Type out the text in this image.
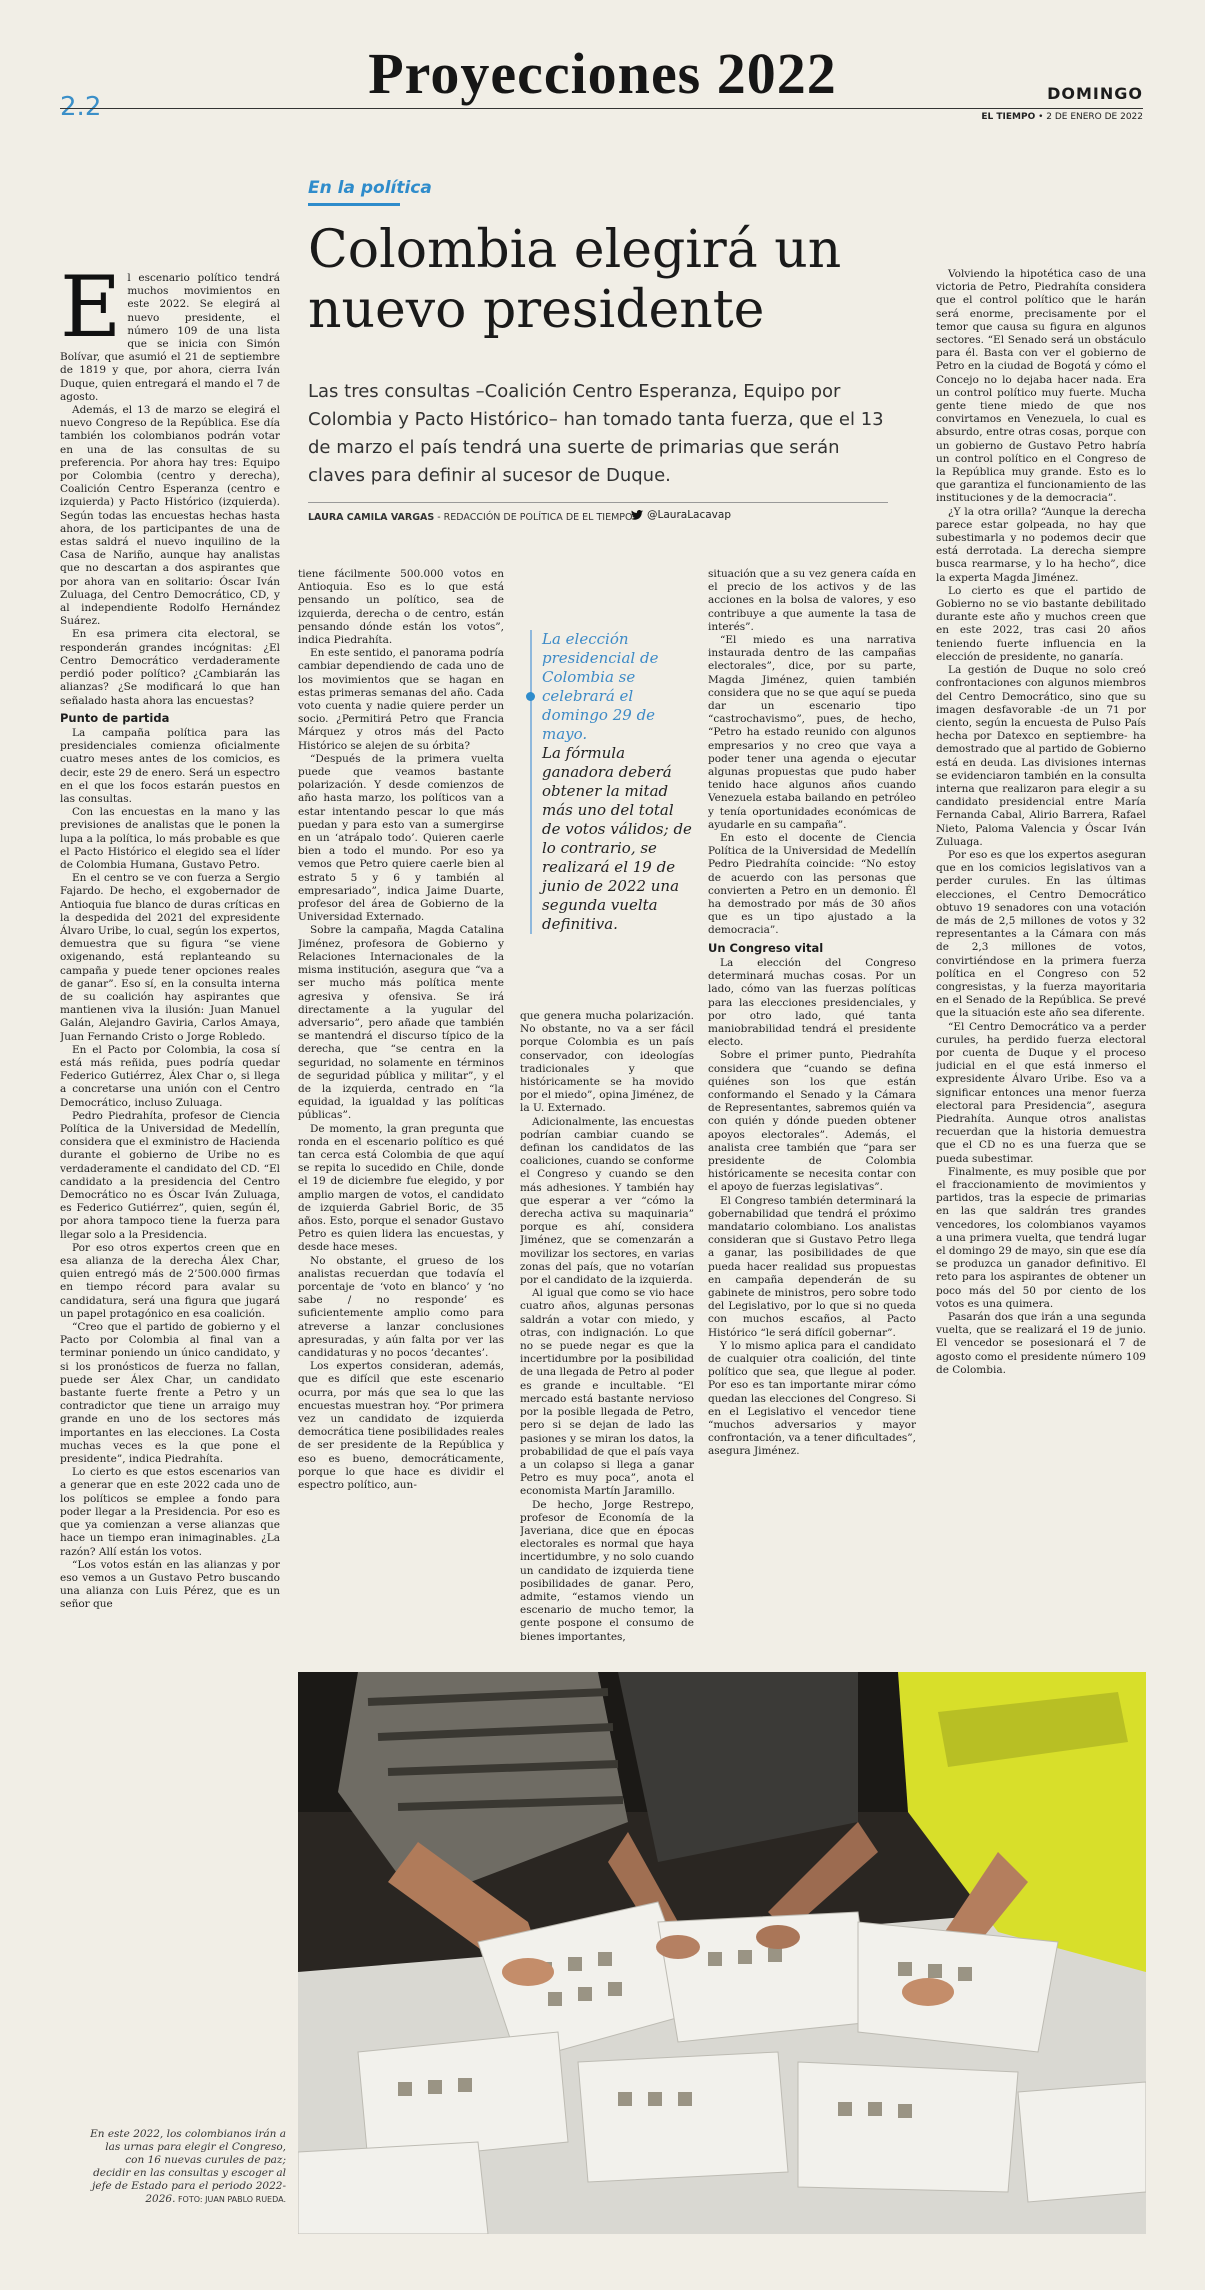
Proyecciones 2022
2.2	DOMINGO
EL TIEMPO • 2 DE ENERO DE 2022
En la política
Colombia elegirá un nuevo presidente
Las tres consultas –Coalición Centro Esperanza, Equipo por Colombia y Pacto Histórico– han tomado tanta fuerza, que el 13 de marzo el país tendrá una suerte de primarias que serán claves para definir al sucesor de Duque.
LAURA CAMILA VARGAS - REDACCIÓN DE POLÍTICA DE EL TIEMPO	@LauraLacavap
E l escenario político tendrá muchos movimientos en este 2022. Se elegirá al nuevo presidente, el número 109 de una lista que se inicia con Simón Bolívar, que asumió el 21 de septiembre de 1819 y que, por ahora, cierra Iván Duque, quien entregará el mando el 7 de agosto.

Además, el 13 de marzo se elegirá el nuevo Congreso de la República. Ese día también los colombianos podrán votar en una de las consultas de su preferencia. Por ahora hay tres: Equipo por Colombia (centro y derecha), Coalición Centro Esperanza (centro e izquierda) y Pacto Histórico (izquierda). Según todas las encuestas hechas hasta ahora, de los participantes de una de estas saldrá el nuevo inquilino de la Casa de Nariño, aunque hay analistas que no descartan a dos aspirantes que por ahora van en solitario: Óscar Iván Zuluaga, del Centro Democrático, CD, y al independiente Rodolfo Hernández Suárez.

En esa primera cita electoral, se responderán grandes incógnitas: ¿El Centro Democrático verdaderamente perdió poder político? ¿Cambiarán las alianzas? ¿Se modificará lo que han señalado hasta ahora las encuestas?

Punto de partida

La campaña política para las presidenciales comienza oficialmente cuatro meses antes de los comicios, es decir, este 29 de enero. Será un espectro en el que los focos estarán puestos en las consultas.

Con las encuestas en la mano y las previsiones de analistas que le ponen la lupa a la política, lo más probable es que el Pacto Histórico el elegido sea el líder de Colombia Humana, Gustavo Petro.

En el centro se ve con fuerza a Sergio Fajardo. De hecho, el exgobernador de Antioquia fue blanco de duras críticas en la despedida del 2021 del expresidente Álvaro Uribe, lo cual, según los expertos, demuestra que su figura “se viene oxigenando, está replanteando su campaña y puede tener opciones reales de ganar”. Eso sí, en la consulta interna de su coalición hay aspirantes que mantienen viva la ilusión: Juan Manuel Galán, Alejandro Gaviria, Carlos Amaya, Juan Fernando Cristo o Jorge Robledo.

En el Pacto por Colombia, la cosa sí está más reñida, pues podría quedar Federico Gutiérrez, Álex Char o, si llega a concretarse una unión con el Centro Democrático, incluso Zuluaga.

Pedro Piedrahíta, profesor de Ciencia Política de la Universidad de Medellín, considera que el exministro de Hacienda durante el gobierno de Uribe no es verdaderamente el candidato del CD. “El candidato a la presidencia del Centro Democrático no es Óscar Iván Zuluaga, es Federico Gutiérrez”, quien, según él, por ahora tampoco tiene la fuerza para llegar solo a la Presidencia.

Por eso otros expertos creen que en esa alianza de la derecha Álex Char, quien entregó más de 2’500.000 firmas en tiempo récord para avalar su candidatura, será una figura que jugará un papel protagónico en esa coalición.

“Creo que el partido de gobierno y el Pacto por Colombia al final van a terminar poniendo un único candidato, y si los pronósticos de fuerza no fallan, puede ser Álex Char, un candidato bastante fuerte frente a Petro y un contradictor que tiene un arraigo muy grande en uno de los sectores más importantes en las elecciones. La Costa muchas veces es la que pone el presidente”, indica Piedrahíta.

Lo cierto es que estos escenarios van a generar que en este 2022 cada uno de los políticos se emplee a fondo para poder llegar a la Presidencia. Por eso es que ya comienzan a verse alianzas que hace un tiempo eran inimaginables. ¿La razón? Allí están los votos.

“Los votos están en las alianzas y por eso vemos a un Gustavo Petro buscando una alianza con Luis Pérez, que es un señor que

tiene fácilmente 500.000 votos en Antioquia. Eso es lo que está pensando un político, sea de izquierda, derecha o de centro, están pensando dónde están los votos”, indica Piedrahíta.

En este sentido, el panorama podría cambiar dependiendo de cada uno de los movimientos que se hagan en estas primeras semanas del año. Cada voto cuenta y nadie quiere perder un socio. ¿Permitirá Petro que Francia Márquez y otros más del Pacto Histórico se alejen de su órbita?

“Después de la primera vuelta puede que veamos bastante polarización. Y desde comienzos de año hasta marzo, los políticos van a estar intentando pescar lo que más puedan y para esto van a sumergirse en un ‘atrápalo todo’. Quieren caerle bien a todo el mundo. Por eso ya vemos que Petro quiere caerle bien al estrato 5 y 6 y también al empresariado”, indica Jaime Duarte, profesor del área de Gobierno de la Universidad Externado.

Sobre la campaña, Magda Catalina Jiménez, profesora de Gobierno y Relaciones Internacionales de la misma institución, asegura que “va a ser mucho más política mente agresiva y ofensiva. Se irá directamente a la yugular del adversario”, pero añade que también se mantendrá el discurso típico de la derecha, que “se centra en la seguridad, no solamente en términos de seguridad pública y militar”, y el de la izquierda, centrado en “la equidad, la igualdad y las políticas públicas”.

De momento, la gran pregunta que ronda en el escenario político es qué tan cerca está Colombia de que aquí se repita lo sucedido en Chile, donde el 19 de diciembre fue elegido, y por amplio margen de votos, el candidato de izquierda Gabriel Boric, de 35 años. Esto, porque el senador Gustavo Petro es quien lidera las encuestas, y desde hace meses.

No obstante, el grueso de los analistas recuerdan que todavía el porcentaje de ‘voto en blanco’ y ‘no sabe / no responde’ es suficientemente amplio como para atreverse a lanzar conclusiones apresuradas, y aún falta por ver las candidaturas y no pocos ‘decantes’.

Los expertos consideran, además, que es difícil que este escenario ocurra, por más que sea lo que las encuestas muestran hoy. “Por primera vez un candidato de izquierda democrática tiene posibilidades reales de ser presidente de la República y eso es bueno, democráticamente, porque lo que hace es dividir el espectro político, aun-

La elección presidencial de Colombia se celebrará el domingo 29 de mayo.
La fórmula ganadora deberá obtener la mitad más uno del total de votos válidos; de lo contrario, se realizará el 19 de junio de 2022 una segunda vuelta definitiva.

que genera mucha polarización. No obstante, no va a ser fácil porque Colombia es un país conservador, con ideologías tradicionales y que históricamente se ha movido por el miedo”, opina Jiménez, de la U. Externado.

Adicionalmente, las encuestas podrían cambiar cuando se definan los candidatos de las coaliciones, cuando se conforme el Congreso y cuando se den más adhesiones. Y también hay que esperar a ver “cómo la derecha activa su maquinaria” porque es ahí, considera Jiménez, que se comenzarán a movilizar los sectores, en varias zonas del país, que no votarían por el candidato de la izquierda.

Al igual que como se vio hace cuatro años, algunas personas saldrán a votar con miedo, y otras, con indignación. Lo que no se puede negar es que la incertidumbre por la posibilidad de una llegada de Petro al poder es grande e incultable. “El mercado está bastante nervioso por la posible llegada de Petro, pero si se dejan de lado las pasiones y se miran los datos, la probabilidad de que el país vaya a un colapso si llega a ganar Petro es muy poca”, anota el economista Martín Jaramillo.

De hecho, Jorge Restrepo, profesor de Economía de la Javeriana, dice que en épocas electorales es normal que haya incertidumbre, y no solo cuando un candidato de izquierda tiene posibilidades de ganar. Pero, admite, “estamos viendo un escenario de mucho temor, la gente pospone el consumo de bienes importantes,

situación que a su vez genera caída en el precio de los activos y de las acciones en la bolsa de valores, y eso contribuye a que aumente la tasa de interés”.

“El miedo es una narrativa instaurada dentro de las campañas electorales”, dice, por su parte, Magda Jiménez, quien también considera que no se que aquí se pueda dar un escenario tipo “castrochavismo”, pues, de hecho, “Petro ha estado reunido con algunos empresarios y no creo que vaya a poder tener una agenda o ejecutar algunas propuestas que pudo haber tenido hace algunos años cuando Venezuela estaba bailando en petróleo y tenía oportunidades económicas de ayudarle en su campaña”.

En esto el docente de Ciencia Política de la Universidad de Medellín Pedro Piedrahíta coincide: “No estoy de acuerdo con las personas que convierten a Petro en un demonio. Él ha demostrado por más de 30 años que es un tipo ajustado a la democracia”.

Un Congreso vital

La elección del Congreso determinará muchas cosas. Por un lado, cómo van las fuerzas políticas para las elecciones presidenciales, y por otro lado, qué tanta maniobrabilidad tendrá el presidente electo.

Sobre el primer punto, Piedrahíta considera que “cuando se defina quiénes son los que están conformando el Senado y la Cámara de Representantes, sabremos quién va con quién y dónde pueden obtener apoyos electorales”. Además, el analista cree también que “para ser presidente de Colombia históricamente se necesita contar con el apoyo de fuerzas legislativas”.

El Congreso también determinará la gobernabilidad que tendrá el próximo mandatario colombiano. Los analistas consideran que si Gustavo Petro llega a ganar, las posibilidades de que pueda hacer realidad sus propuestas en campaña dependerán de su gabinete de ministros, pero sobre todo del Legislativo, por lo que si no queda con muchos escaños, al Pacto Histórico “le será difícil gobernar”.

Y lo mismo aplica para el candidato de cualquier otra coalición, del tinte político que sea, que llegue al poder. Por eso es tan importante mirar cómo quedan las elecciones del Congreso. Si en el Legislativo el vencedor tiene “muchos adversarios y mayor confrontación, va a tener dificultades”, asegura Jiménez.

Volviendo la hipotética caso de una victoria de Petro, Piedrahíta considera que el control político que le harán será enorme, precisamente por el temor que causa su figura en algunos sectores. “El Senado será un obstáculo para él. Basta con ver el gobierno de Petro en la ciudad de Bogotá y cómo el Concejo no lo dejaba hacer nada. Era un control político muy fuerte. Mucha gente tiene miedo de que nos convirtamos en Venezuela, lo cual es absurdo, entre otras cosas, porque con un gobierno de Gustavo Petro habría un control político en el Congreso de la República muy grande. Esto es lo que garantiza el funcionamiento de las instituciones y de la democracia”.

¿Y la otra orilla? “Aunque la derecha parece estar golpeada, no hay que subestimarla y no podemos decir que está derrotada. La derecha siempre busca rearmarse, y lo ha hecho”, dice la experta Magda Jiménez.

Lo cierto es que el partido de Gobierno no se vio bastante debilitado durante este año y muchos creen que en este 2022, tras casi 20 años teniendo fuerte influencia en la elección de presidente, no ganaría.

La gestión de Duque no solo creó confrontaciones con algunos miembros del Centro Democrático, sino que su imagen desfavorable -de un 71 por ciento, según la encuesta de Pulso País hecha por Datexco en septiembre- ha demostrado que al partido de Gobierno está en deuda. Las divisiones internas se evidenciaron también en la consulta interna que realizaron para elegir a su candidato presidencial entre María Fernanda Cabal, Alirio Barrera, Rafael Nieto, Paloma Valencia y Óscar Iván Zuluaga.

Por eso es que los expertos aseguran que en los comicios legislativos van a perder curules. En las últimas elecciones, el Centro Democrático obtuvo 19 senadores con una votación de más de 2,5 millones de votos y 32 representantes a la Cámara con más de 2,3 millones de votos, convirtiéndose en la primera fuerza política en el Congreso con 52 congresistas, y la fuerza mayoritaria en el Senado de la República. Se prevé que la situación este año sea diferente.

“El Centro Democrático va a perder curules, ha perdido fuerza electoral por cuenta de Duque y el proceso judicial en el que está inmerso el expresidente Álvaro Uribe. Eso va a significar entonces una menor fuerza electoral para Presidencia”, asegura Piedrahíta. Aunque otros analistas recuerdan que la historia demuestra que el CD no es una fuerza que se pueda subestimar.

Finalmente, es muy posible que por el fraccionamiento de movimientos y partidos, tras la especie de primarias en las que saldrán tres grandes vencedores, los colombianos vayamos a una primera vuelta, que tendrá lugar el domingo 29 de mayo, sin que ese día se produzca un ganador definitivo. El reto para los aspirantes de obtener un poco más del 50 por ciento de los votos es una quimera.

Pasarán dos que irán a una segunda vuelta, que se realizará el 19 de junio. El vencedor se posesionará el 7 de agosto como el presidente número 109 de Colombia.

En este 2022, los colombianos irán a las urnas para elegir el Congreso, con 16 nuevas curules de paz; decidir en las consultas y escoger al jefe de Estado para el periodo 2022-2026. FOTO: JUAN PABLO RUEDA.
